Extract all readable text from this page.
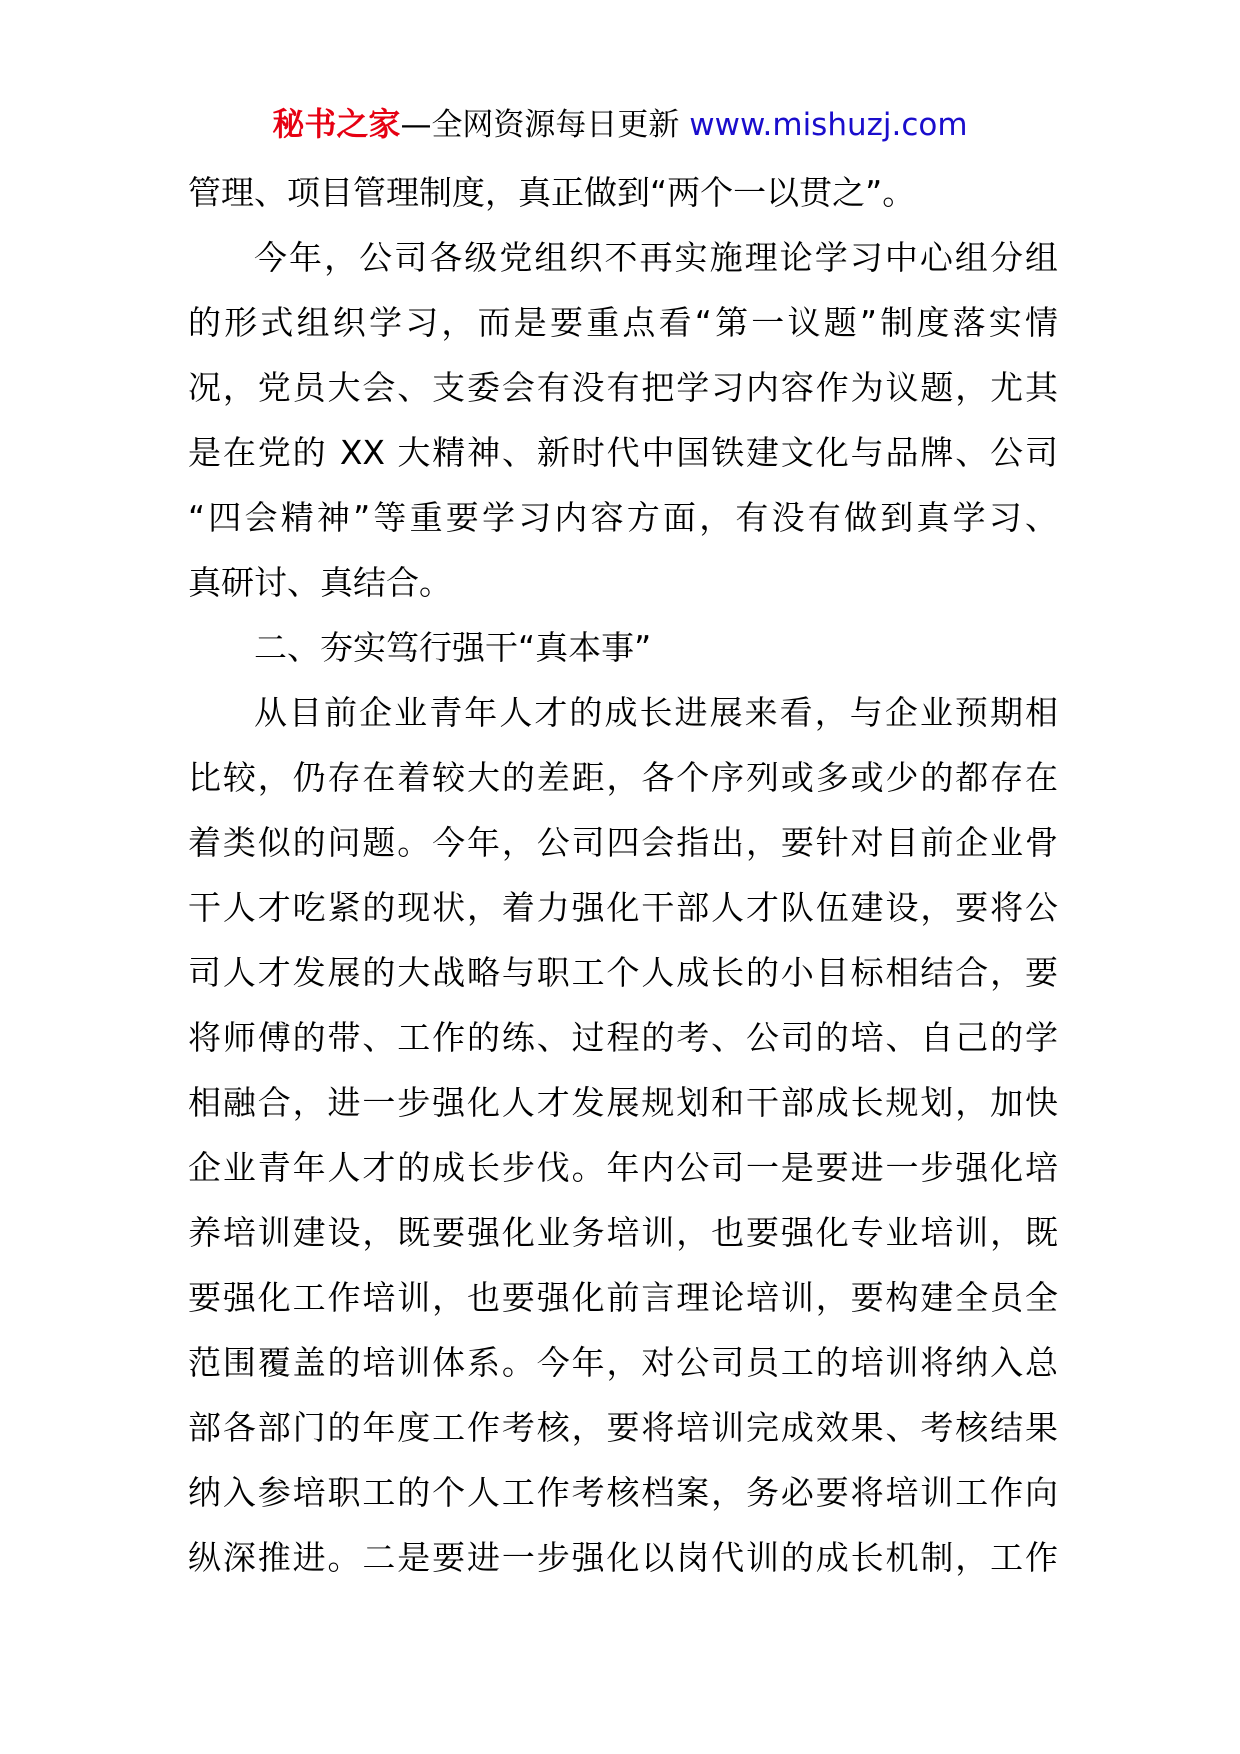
秘书之家—全网资源每日更新 www.mishuzj.com
管理、项目管理制度，真正做到“两个一以贯之”。
今年，公司各级党组织不再实施理论学习中心组分组
的形式组织学习，而是要重点看“第一议题”制度落实情
况，党员大会、支委会有没有把学习内容作为议题，尤其
是在党的 XX 大精神、新时代中国铁建文化与品牌、公司
“四会精神”等重要学习内容方面，有没有做到真学习、
真研讨、真结合。
二、夯实笃行强干“真本事”
从目前企业青年人才的成长进展来看，与企业预期相
比较，仍存在着较大的差距，各个序列或多或少的都存在
着类似的问题。今年，公司四会指出，要针对目前企业骨
干人才吃紧的现状，着力强化干部人才队伍建设，要将公
司人才发展的大战略与职工个人成长的小目标相结合，要
将师傅的带、工作的练、过程的考、公司的培、自己的学
相融合，进一步强化人才发展规划和干部成长规划，加快
企业青年人才的成长步伐。年内公司一是要进一步强化培
养培训建设，既要强化业务培训，也要强化专业培训，既
要强化工作培训，也要强化前言理论培训，要构建全员全
范围覆盖的培训体系。今年，对公司员工的培训将纳入总
部各部门的年度工作考核，要将培训完成效果、考核结果
纳入参培职工的个人工作考核档案，务必要将培训工作向
纵深推进。二是要进一步强化以岗代训的成长机制，工作
